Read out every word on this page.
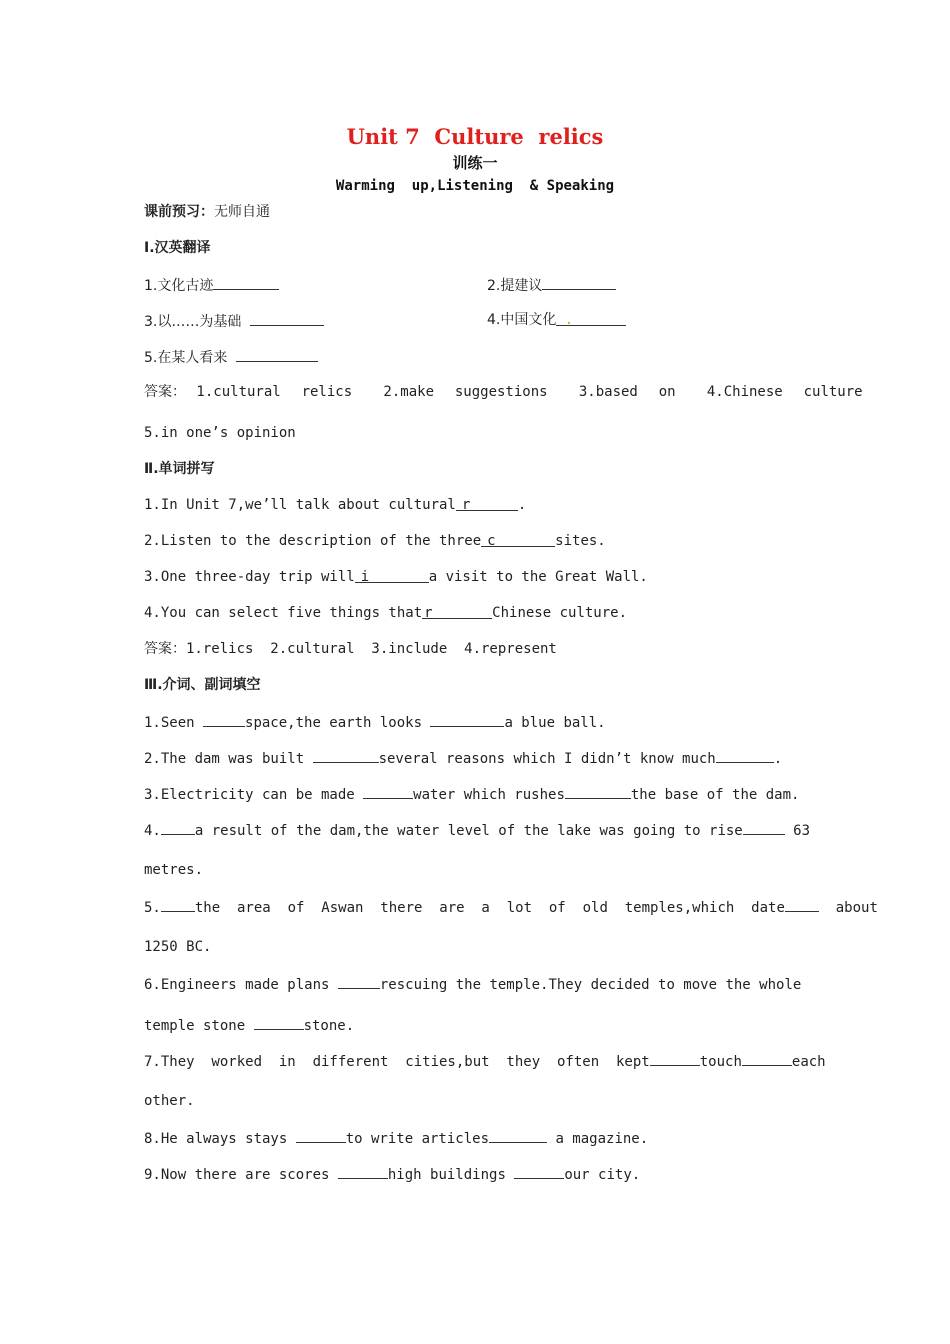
Unit 7  Culture  relics
训练一
Warming  up,Listening  & Speaking
课前预习：无师自通
Ⅰ.汉英翻译
1.文化古迹	2.提建议
3.以……为基础	4.中国文化 .
5.在某人看来
答案： 1.cultural  relics   2.make  suggestions   3.based  on   4.Chinese  culture
5.in one’s opinion
Ⅱ.单词拼写
1.In Unit 7,we’ll talk about cultural r	.
2.Listen to the description of the three c	sites.
3.One three-day trip will i	a visit to the Great Wall.
4.You can select five things that r	Chinese culture.
答案：1.relics  2.cultural  3.include  4.represent
Ⅲ.介词、副词填空
1.Seen	space,the earth looks	a blue ball.
2.The dam was built	several reasons which I didn’t know much	.
3.Electricity can be made	water which rushes	the base of the dam.
4. a result of the dam,the water level of the lake was going to rise	63
metres.
5. the  area  of  Aswan  there  are  a  lot  of  old  temples,which  date  about
1250 BC.
6.Engineers made plans	rescuing the temple.They decided to move the whole
temple stone	stone.
7.They  worked  in  different  cities,but  they  often  kept	touch	each
other.
8.He always stays	to write articles	a magazine.
9.Now there are scores	high buildings	our city.
